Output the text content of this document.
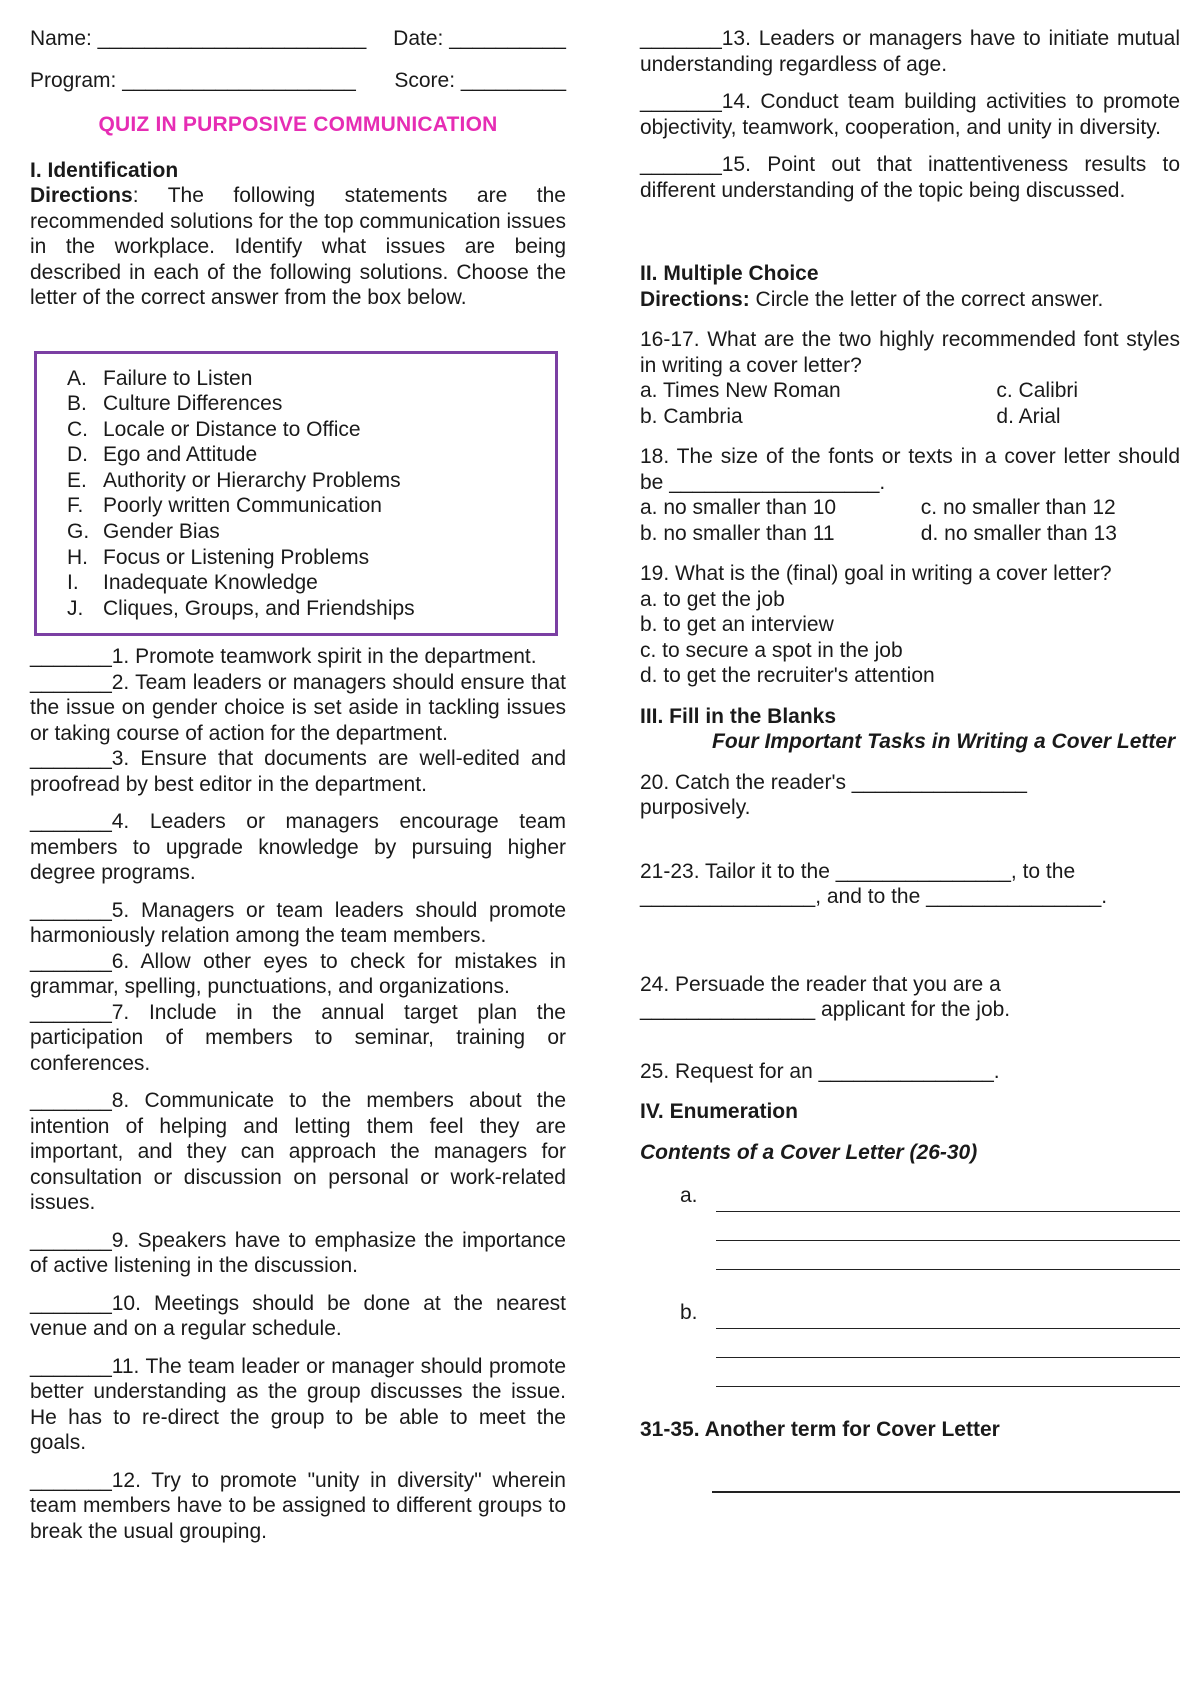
Name: _______________________ Date: __________
Program: ____________________ Score: _________
QUIZ IN PURPOSIVE COMMUNICATION
I. Identification

Directions: The following statements are the recommended solutions for the top communication issues in the workplace. Identify what issues are being described in each of the following solutions. Choose the letter of the correct answer from the box below.

A. Failure to Listen
B. Culture Differences
C. Locale or Distance to Office
D. Ego and Attitude
E. Authority or Hierarchy Problems
F. Poorly written Communication
G. Gender Bias
H. Focus or Listening Problems
I.	Inadequate Knowledge
J. Cliques, Groups, and Friendships

_______1. Promote teamwork spirit in the department.

_______2. Team leaders or managers should ensure that the issue on gender choice is set aside in tackling issues or taking course of action for the department.

_______3. Ensure that documents are well-edited and proofread by best editor in the department.

_______4. Leaders or managers encourage team members to upgrade knowledge by pursuing higher degree programs.

_______5. Managers or team leaders should promote harmoniously relation among the team members.

_______6. Allow other eyes to check for mistakes in grammar, spelling, punctuations, and organizations.

_______7. Include in the annual target plan the participation of members to seminar, training or conferences.

_______8. Communicate to the members about the intention of helping and letting them feel they are important, and they can approach the managers for consultation or discussion on personal or work-related issues.

_______9. Speakers have to emphasize the importance of active listening in the discussion.

_______10. Meetings should be done at the nearest venue and on a regular schedule.

_______11. The team leader or manager should promote better understanding as the group discusses the issue. He has to re-direct the group to be able to meet the goals.

_______12. Try to promote "unity in diversity" wherein team members have to be assigned to different groups to break the usual grouping.

_______13. Leaders or managers have to initiate mutual understanding regardless of age.

_______14. Conduct team building activities to promote objectivity, teamwork, cooperation, and unity in diversity.

_______15. Point out that inattentiveness results to different understanding of the topic being discussed.

II. Multiple Choice

Directions: Circle the letter of the correct answer.

16-17. What are the two highly recommended font styles in writing a cover letter?

a. Times New Roman	c. Calibri
b. Cambria	d. Arial

18. The size of the fonts or texts in a cover letter should be __________________.

a. no smaller than 10	c. no smaller than 12
b. no smaller than 11	d. no smaller than 13

19. What is the (final) goal in writing a cover letter?

a. to get the job

b. to get an interview

c. to secure a spot in the job

d. to get the recruiter's attention

III. Fill in the Blanks
Four Important Tasks in Writing a Cover Letter

20. Catch the reader's _______________ purposively.

21-23. Tailor it to the _______________, to the _______________, and to the _______________.

24. Persuade the reader that you are a _______________ applicant for the job.

25. Request for an _______________.

IV. Enumeration
Contents of a Cover Letter (26-30)
a.
b.
31-35. Another term for Cover Letter
